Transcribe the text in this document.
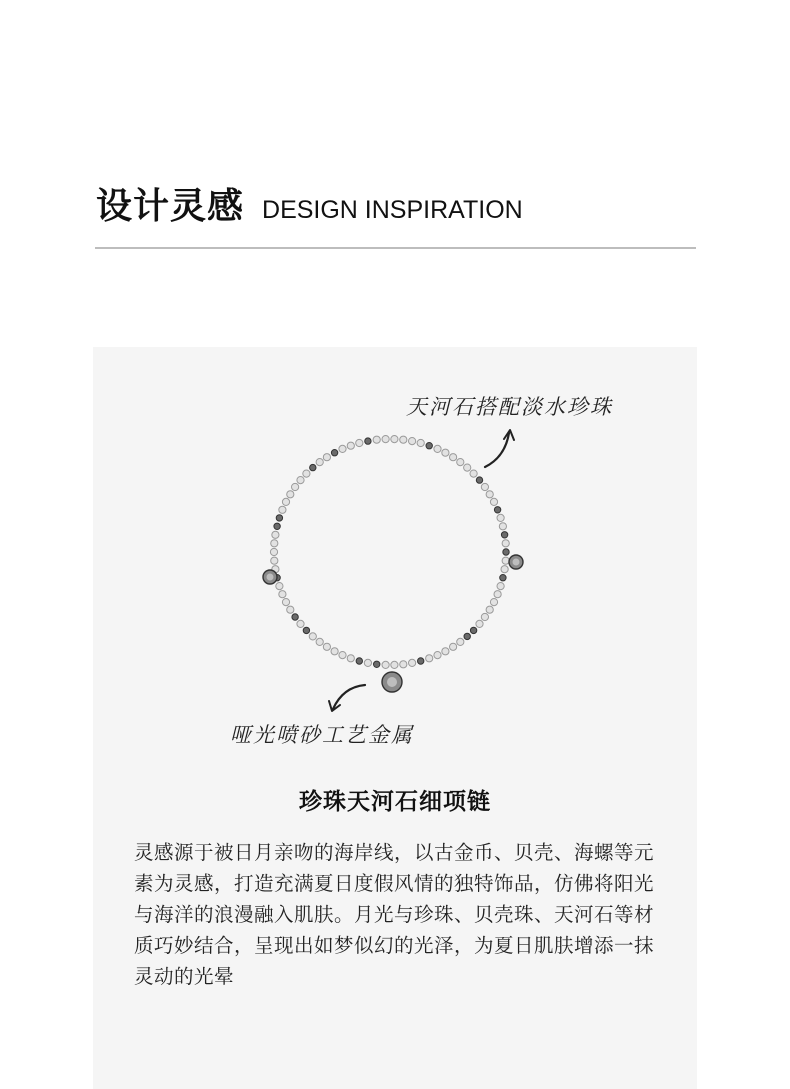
设计灵感 DESIGN INSPIRATION
天河石搭配淡水珍珠
哑光喷砂工艺金属
珍珠天河石细项链
灵感源于被日月亲吻的海岸线，以古金币、贝壳、海螺等元素为灵感，打造充满夏日度假风情的独特饰品，仿佛将阳光与海洋的浪漫融入肌肤。月光与珍珠、贝壳珠、天河石等材质巧妙结合，呈现出如梦似幻的光泽，为夏日肌肤增添一抹灵动的光晕
